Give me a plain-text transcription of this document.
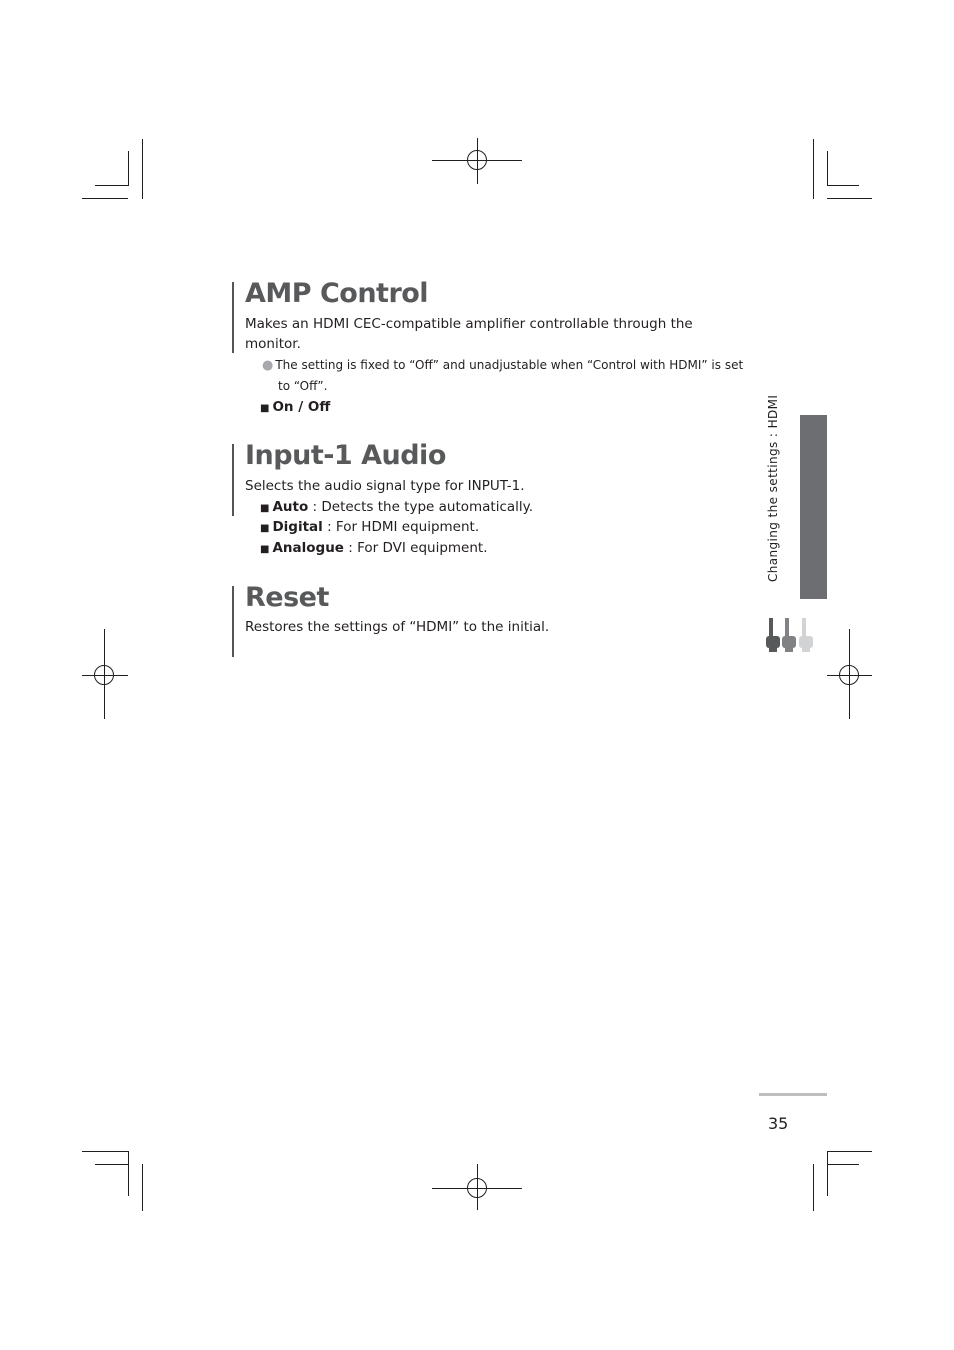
AMP Control

Makes an HDMI CEC-compatible amplifier controllable through the monitor.

● The setting is fixed to “Off” and unadjustable when “Control with HDMI” is set
to “Off”.

■ On / Off

Input-1 Audio

Selects the audio signal type for INPUT-1.

■ Auto : Detects the type automatically.

■ Digital : For HDMI equipment.

■ Analogue : For DVI equipment.

Reset

Restores the settings of “HDMI” to the initial.

Changing the settings : HDMI
35
